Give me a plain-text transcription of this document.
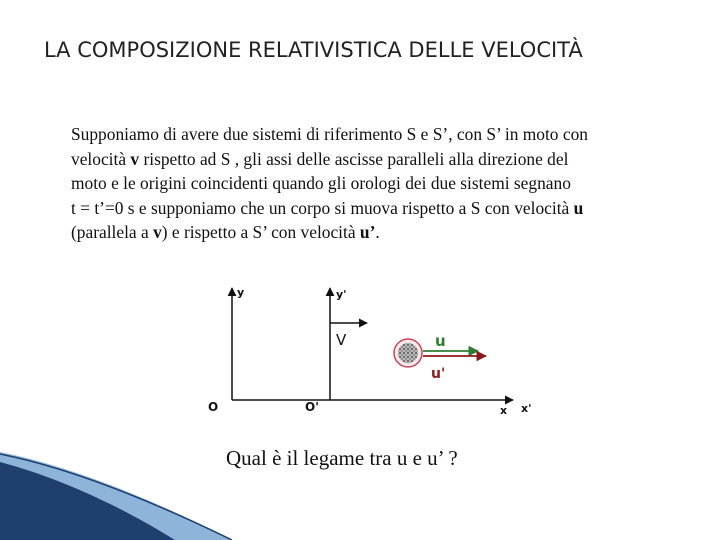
LA COMPOSIZIONE RELATIVISTICA DELLE VELOCITÀ
Supponiamo di avere due sistemi di riferimento S e S’, con S’ in moto con
velocità v rispetto ad S , gli assi delle ascisse paralleli alla direzione del
moto e le origini coincidenti quando gli orologi dei due sistemi segnano
t = t’=0 s e supponiamo che un corpo si muova rispetto a S con velocità u
(parallela a v) e rispetto a S’ con velocità u’.
y	y'
V	u
u'
O	O'	x x'
Qual è il legame tra u e u’ ?
